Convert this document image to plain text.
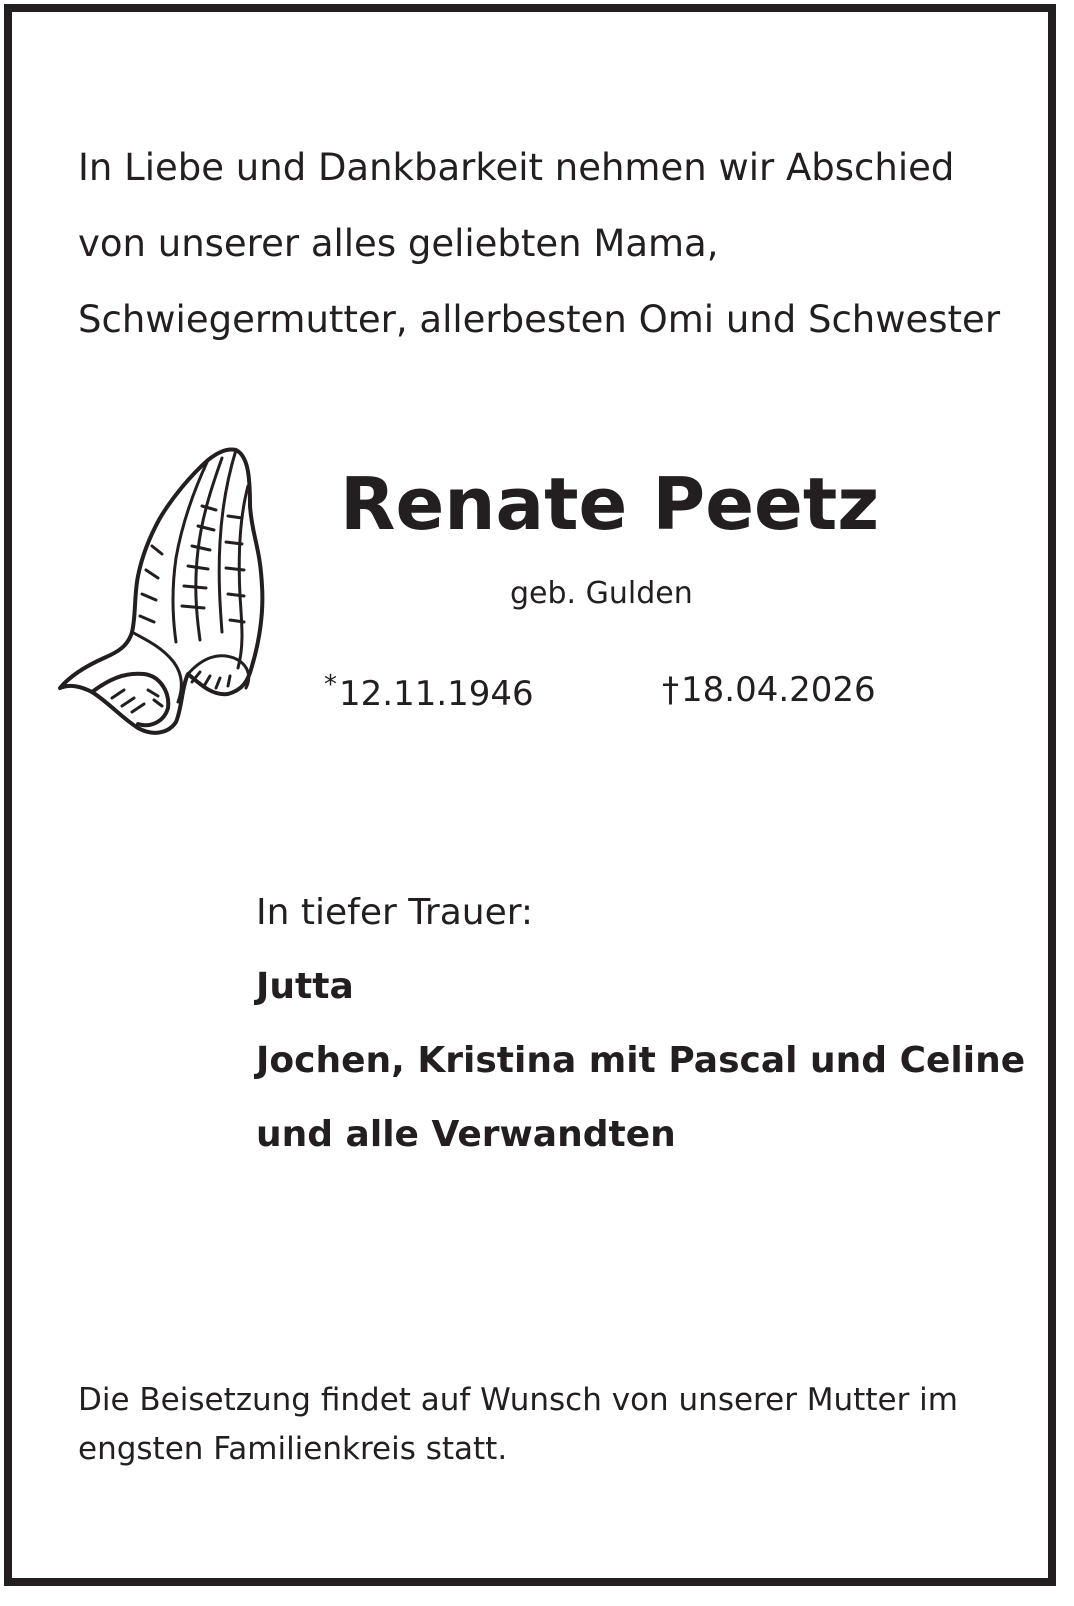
In Liebe und Dankbarkeit nehmen wir Abschied
von unserer alles geliebten Mama,
Schwiegermutter, allerbesten Omi und Schwester
Renate Peetz
geb. Gulden
*12.11.1946	†18.04.2026
In tiefer Trauer:
Jutta
Jochen, Kristina mit Pascal und Celine
und alle Verwandten
Die Beisetzung findet auf Wunsch von unserer Mutter im
engsten Familienkreis statt.
